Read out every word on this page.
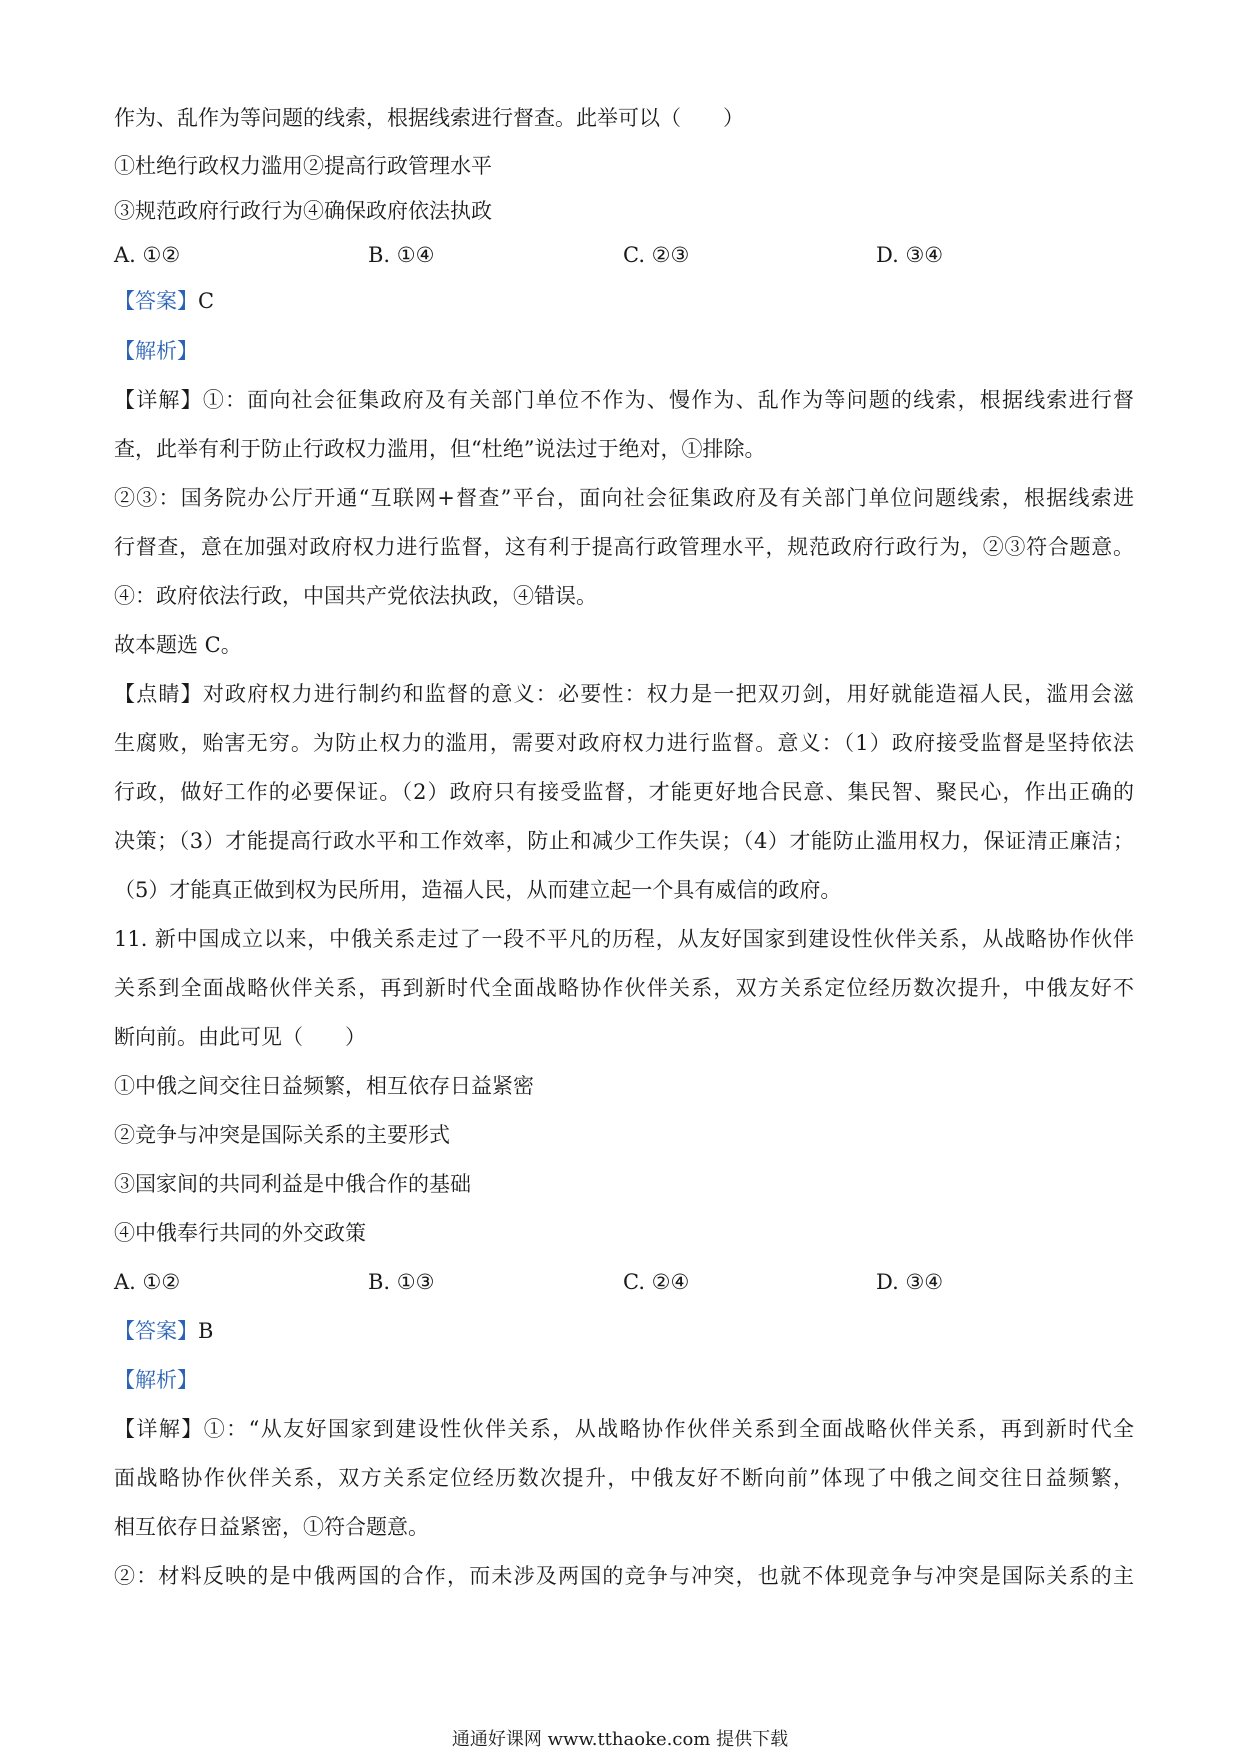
作为、乱作为等问题的线索，根据线索进行督查。此举可以（　　）
①杜绝行政权力滥用②提高行政管理水平
③规范政府行政行为④确保政府依法执政
A. ①②	B. ①④	C. ②③	D. ③④
【答案】C
【解析】
【详解】①：面向社会征集政府及有关部门单位不作为、慢作为、乱作为等问题的线索，根据线索进行督
查，此举有利于防止行政权力滥用，但“杜绝”说法过于绝对，①排除。
②③：国务院办公厅开通“互联网+督查”平台，面向社会征集政府及有关部门单位问题线索，根据线索进
行督查，意在加强对政府权力进行监督，这有利于提高行政管理水平，规范政府行政行为，②③符合题意。
④：政府依法行政，中国共产党依法执政，④错误。
故本题选 C。
【点睛】对政府权力进行制约和监督的意义：必要性：权力是一把双刃剑，用好就能造福人民，滥用会滋
生腐败，贻害无穷。为防止权力的滥用，需要对政府权力进行监督。意义：（1）政府接受监督是坚持依法
行政，做好工作的必要保证。（2）政府只有接受监督，才能更好地合民意、集民智、聚民心，作出正确的
决策；（3）才能提高行政水平和工作效率，防止和减少工作失误；（4）才能防止滥用权力，保证清正廉洁；
（5）才能真正做到权为民所用，造福人民，从而建立起一个具有威信的政府。
11. 新中国成立以来，中俄关系走过了一段不平凡的历程，从友好国家到建设性伙伴关系，从战略协作伙伴
关系到全面战略伙伴关系，再到新时代全面战略协作伙伴关系，双方关系定位经历数次提升，中俄友好不
断向前。由此可见（　　）
①中俄之间交往日益频繁，相互依存日益紧密
②竞争与冲突是国际关系的主要形式
③国家间的共同利益是中俄合作的基础
④中俄奉行共同的外交政策
A. ①②	B. ①③	C. ②④	D. ③④
【答案】B
【解析】
【详解】①：“从友好国家到建设性伙伴关系，从战略协作伙伴关系到全面战略伙伴关系，再到新时代全
面战略协作伙伴关系，双方关系定位经历数次提升，中俄友好不断向前”体现了中俄之间交往日益频繁，
相互依存日益紧密，①符合题意。
②：材料反映的是中俄两国的合作，而未涉及两国的竞争与冲突，也就不体现竞争与冲突是国际关系的主
通通好课网 www.tthaoke.com 提供下载
